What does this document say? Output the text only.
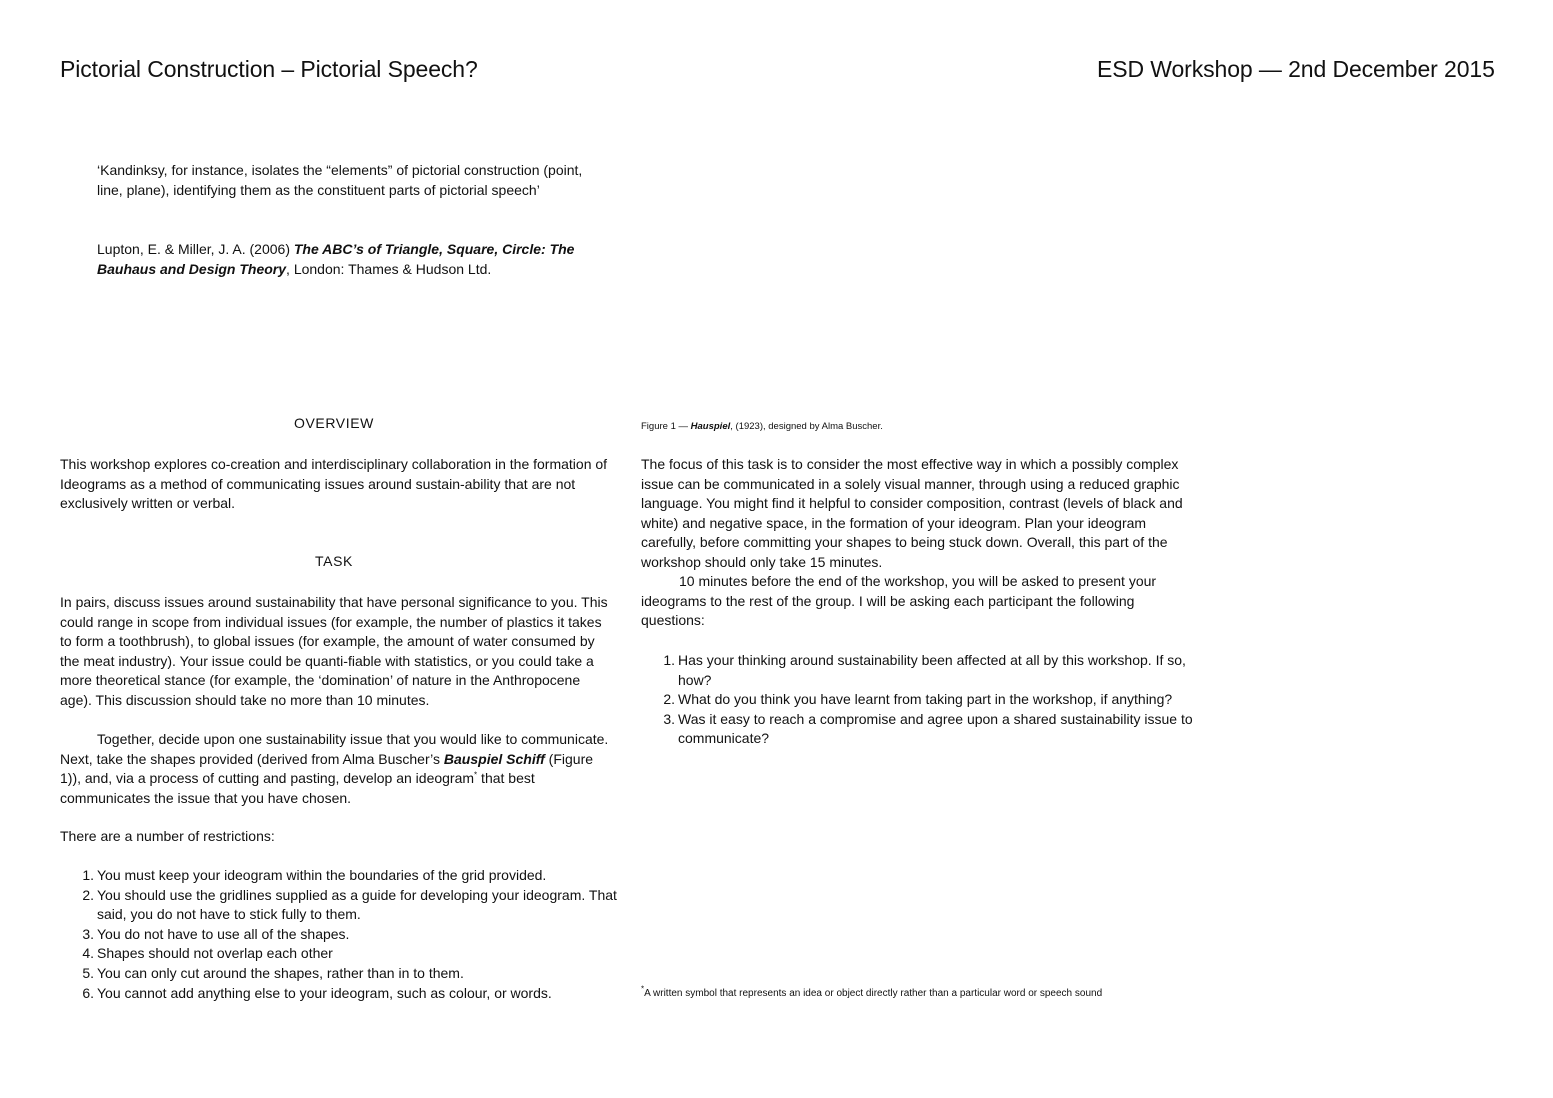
Pictorial Construction – Pictorial Speech?	ESD Workshop — 2nd December 2015
‘Kandinksy, for instance, isolates the “elements” of pictorial construction (point, line, plane), identifying them as the constituent parts of pictorial speech’
Lupton, E. & Miller, J. A. (2006) The ABC’s of Triangle, Square, Circle: The Bauhaus and Design Theory, London: Thames & Hudson Ltd.
OVERVIEW
This workshop explores co-creation and interdisciplinary collaboration in the formation of Ideograms as a method of communicating issues around sustain-ability that are not exclusively written or verbal.
TASK
In pairs, discuss issues around sustainability that have personal significance to you. This could range in scope from individual issues (for example, the number of plastics it takes to form a toothbrush), to global issues (for example, the amount of water consumed by the meat industry). Your issue could be quanti-fiable with statistics, or you could take a more theoretical stance (for example, the ‘domination’ of nature in the Anthropocene age). This discussion should take no more than 10 minutes.
Together, decide upon one sustainability issue that you would like to communicate. Next, take the shapes provided (derived from Alma Buscher’s Bauspiel Schiff (Figure 1)), and, via a process of cutting and pasting, develop an ideogram* that best communicates the issue that you have chosen.
There are a number of restrictions:
1. You must keep your ideogram within the boundaries of the grid provided.
2. You should use the gridlines supplied as a guide for developing your ideogram. That said, you do not have to stick fully to them.
3. You do not have to use all of the shapes.
4. Shapes should not overlap each other
5. You can only cut around the shapes, rather than in to them.
6. You cannot add anything else to your ideogram, such as colour, or words.
Figure 1 — Hauspiel, (1923), designed by Alma Buscher.
The focus of this task is to consider the most effective way in which a possibly complex issue can be communicated in a solely visual manner, through using a reduced graphic language. You might find it helpful to consider composition, contrast (levels of black and white) and negative space, in the formation of your ideogram. Plan your ideogram carefully, before committing your shapes to being stuck down. Overall, this part of the workshop should only take 15 minutes.
10 minutes before the end of the workshop, you will be asked to present your ideograms to the rest of the group. I will be asking each participant the following questions:
1. Has your thinking around sustainability been affected at all by this workshop. If so, how?
2. What do you think you have learnt from taking part in the workshop, if anything?
3. Was it easy to reach a compromise and agree upon a shared sustainability issue to communicate?
*A written symbol that represents an idea or object directly rather than a particular word or speech sound
